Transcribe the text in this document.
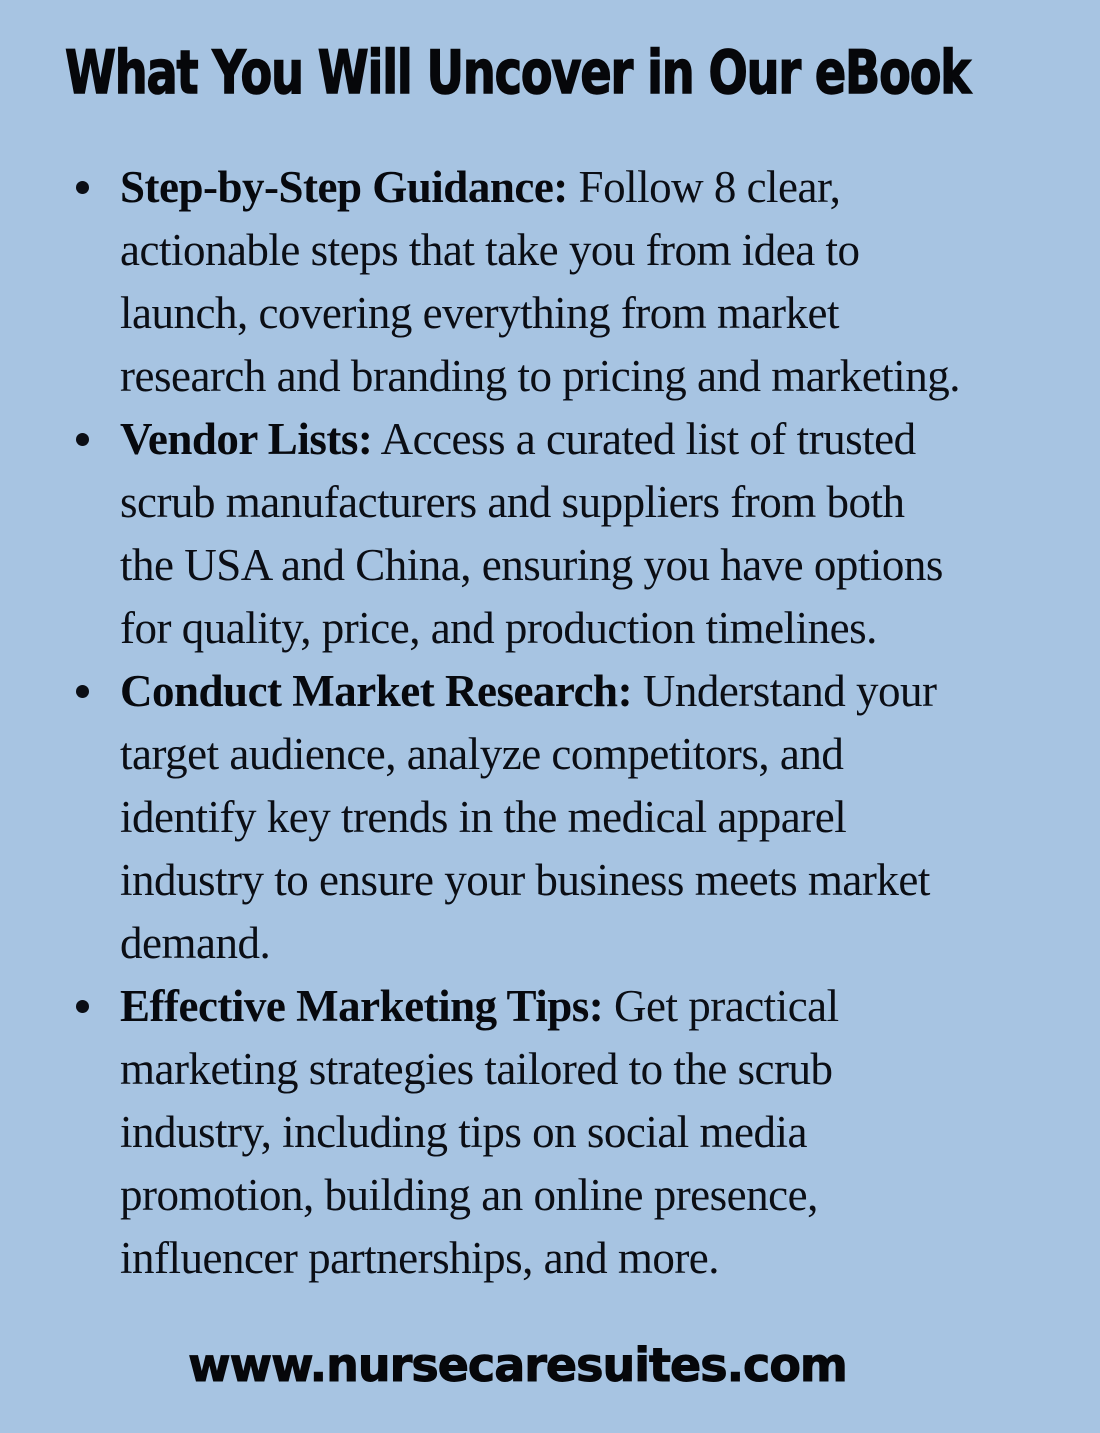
What You Will Uncover in Our eBook
Step-by-Step Guidance: Follow 8 clear,
actionable steps that take you from idea to
launch, covering everything from market
research and branding to pricing and marketing.
Vendor Lists: Access a curated list of trusted
scrub manufacturers and suppliers from both
the USA and China, ensuring you have options
for quality, price, and production timelines.
Conduct Market Research: Understand your
target audience, analyze competitors, and
identify key trends in the medical apparel
industry to ensure your business meets market
demand.
Effective Marketing Tips: Get practical
marketing strategies tailored to the scrub
industry, including tips on social media
promotion, building an online presence,
influencer partnerships, and more.
www.nursecaresuites.com
